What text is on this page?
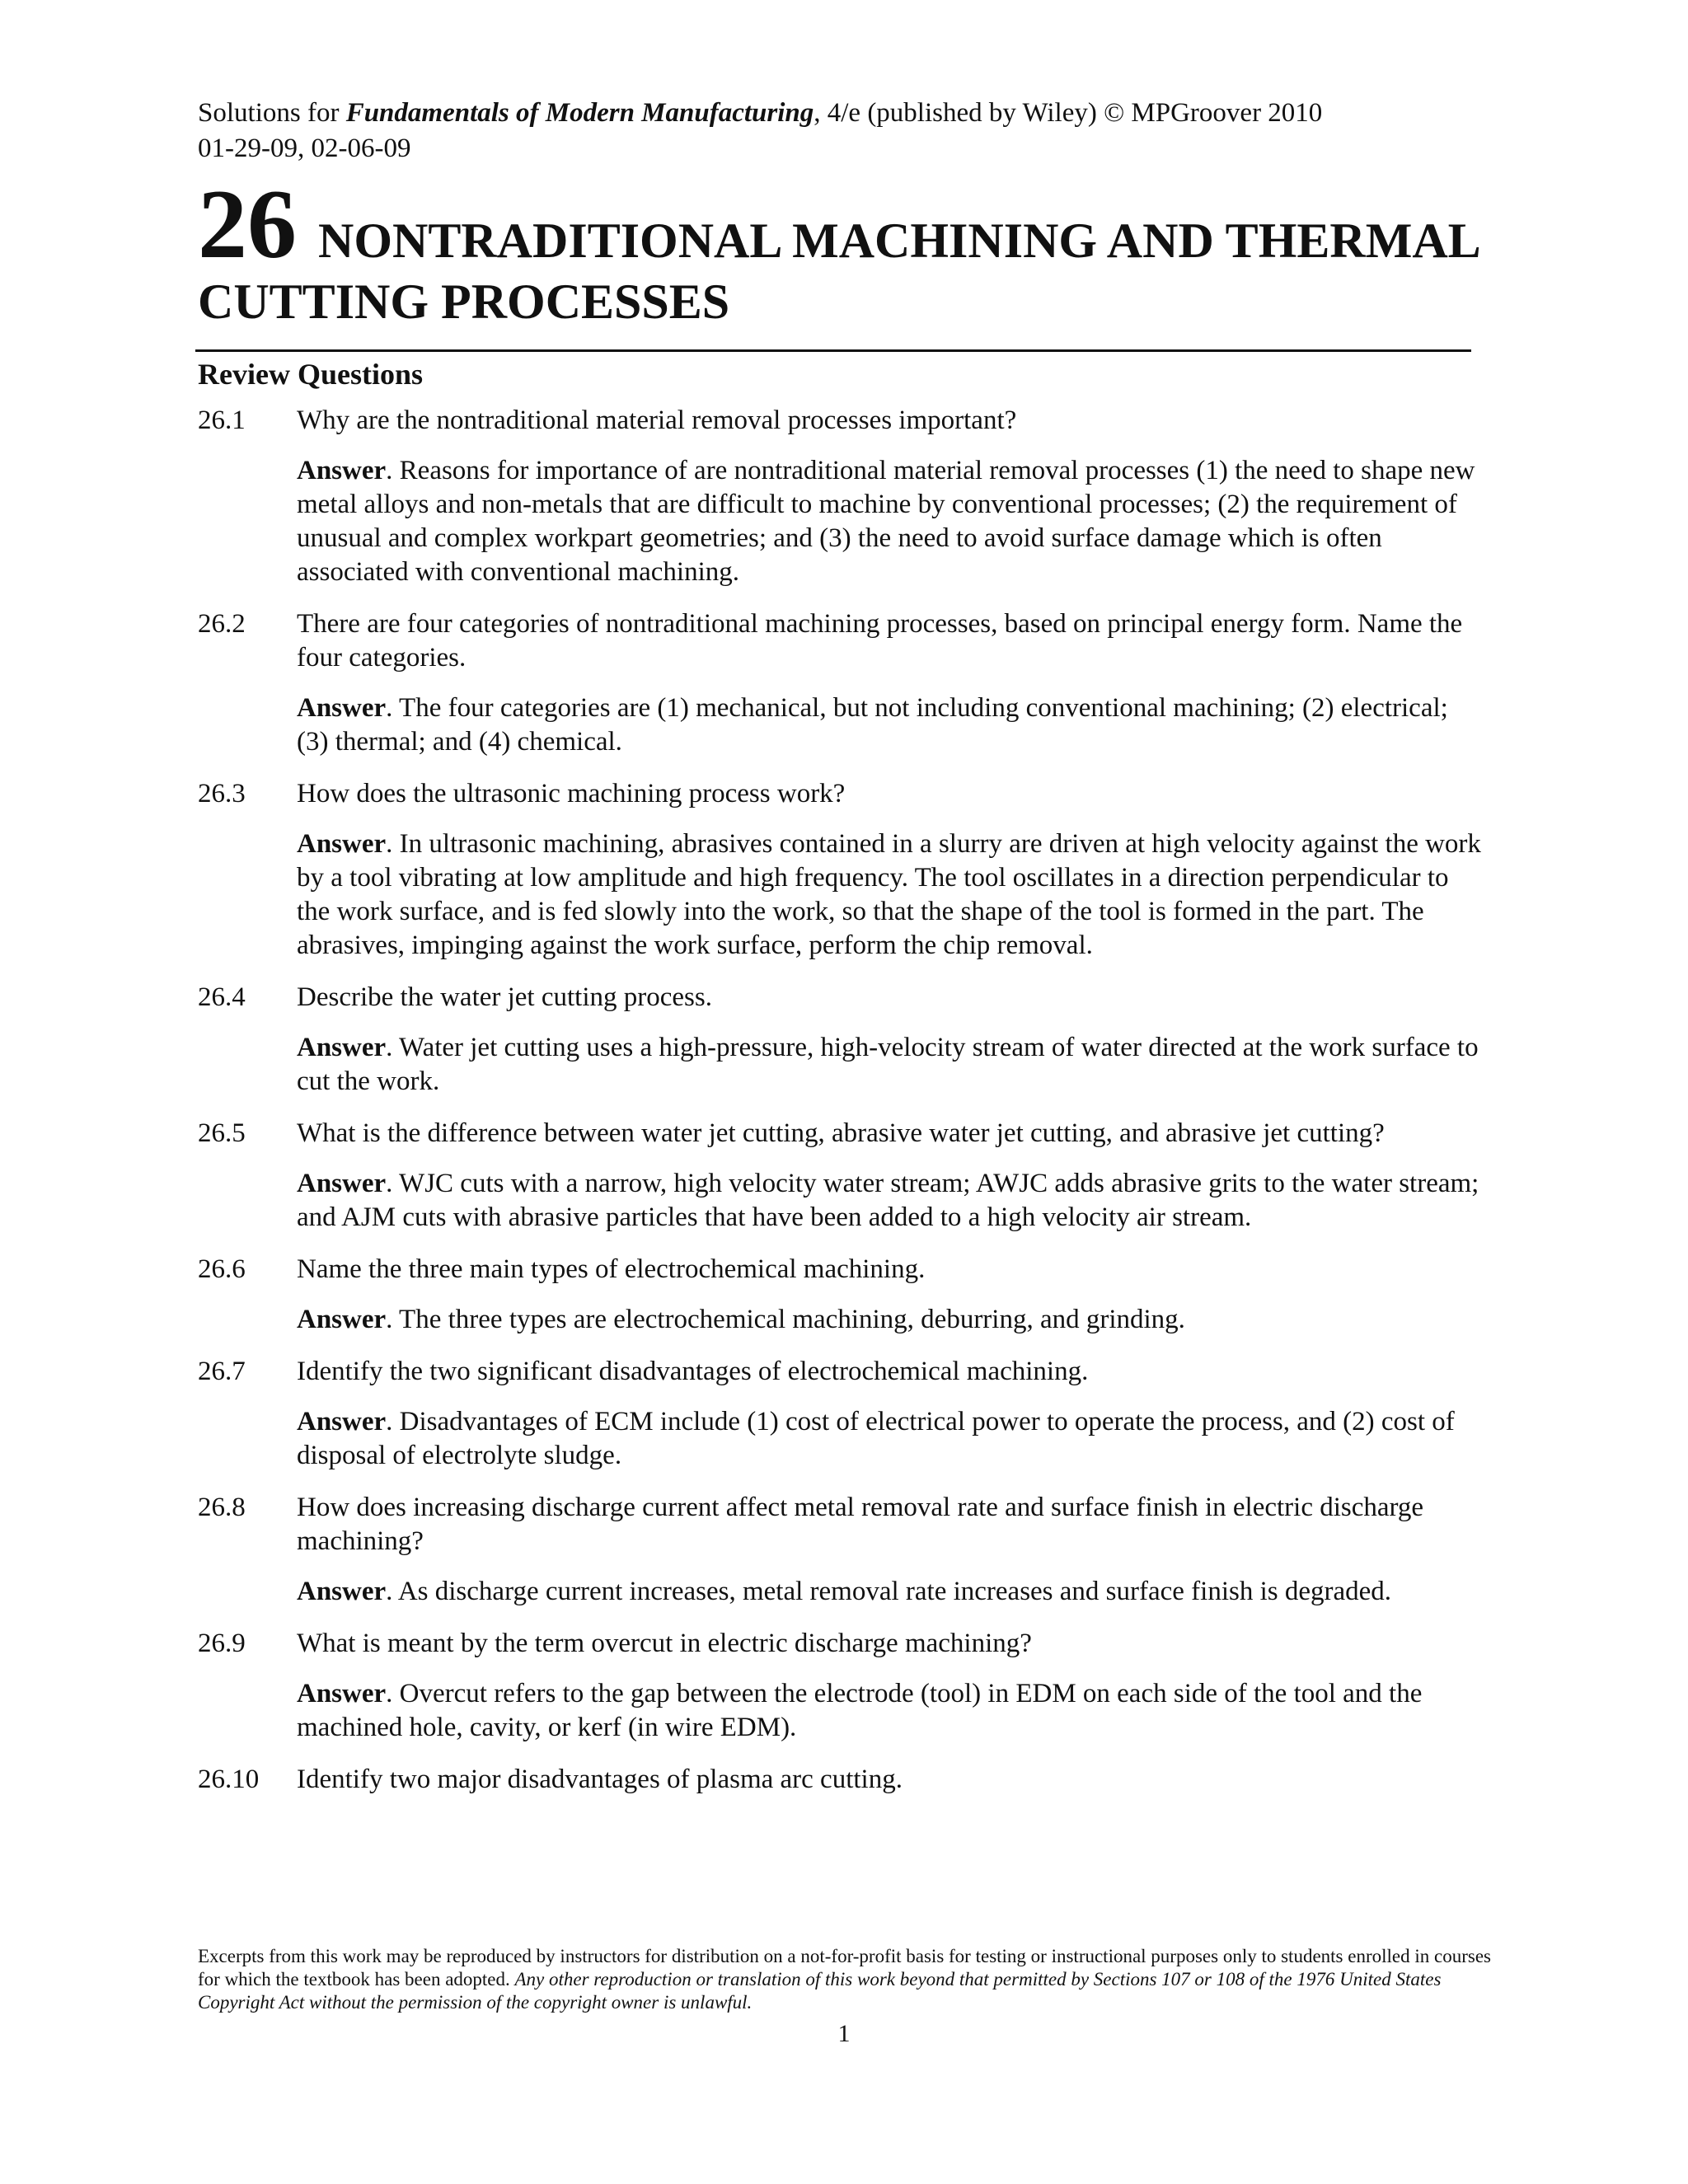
Solutions for Fundamentals of Modern Manufacturing, 4/e (published by Wiley) © MPGroover 2010
01-29-09, 02-06-09
26 NONTRADITIONAL MACHINING AND THERMAL CUTTING PROCESSES
Review Questions
26.1	Why are the nontraditional material removal processes important?
Answer. Reasons for importance of are nontraditional material removal processes (1) the need to shape new metal alloys and non-metals that are difficult to machine by conventional processes; (2) the requirement of unusual and complex workpart geometries; and (3) the need to avoid surface damage which is often associated with conventional machining.
26.2	There are four categories of nontraditional machining processes, based on principal energy form. Name the four categories.
Answer. The four categories are (1) mechanical, but not including conventional machining; (2) electrical; (3) thermal; and (4) chemical.
26.3	How does the ultrasonic machining process work?
Answer. In ultrasonic machining, abrasives contained in a slurry are driven at high velocity against the work by a tool vibrating at low amplitude and high frequency. The tool oscillates in a direction perpendicular to the work surface, and is fed slowly into the work, so that the shape of the tool is formed in the part. The abrasives, impinging against the work surface, perform the chip removal.
26.4	Describe the water jet cutting process.
Answer. Water jet cutting uses a high-pressure, high-velocity stream of water directed at the work surface to cut the work.
26.5	What is the difference between water jet cutting, abrasive water jet cutting, and abrasive jet cutting?
Answer. WJC cuts with a narrow, high velocity water stream; AWJC adds abrasive grits to the water stream; and AJM cuts with abrasive particles that have been added to a high velocity air stream.
26.6	Name the three main types of electrochemical machining.
Answer. The three types are electrochemical machining, deburring, and grinding.
26.7	Identify the two significant disadvantages of electrochemical machining.
Answer. Disadvantages of ECM include (1) cost of electrical power to operate the process, and (2) cost of disposal of electrolyte sludge.
26.8	How does increasing discharge current affect metal removal rate and surface finish in electric discharge machining?
Answer. As discharge current increases, metal removal rate increases and surface finish is degraded.
26.9	What is meant by the term overcut in electric discharge machining?
Answer. Overcut refers to the gap between the electrode (tool) in EDM on each side of the tool and the machined hole, cavity, or kerf (in wire EDM).
26.10	Identify two major disadvantages of plasma arc cutting.
Excerpts from this work may be reproduced by instructors for distribution on a not-for-profit basis for testing or instructional purposes only to students enrolled in courses for which the textbook has been adopted. Any other reproduction or translation of this work beyond that permitted by Sections 107 or 108 of the 1976 United States Copyright Act without the permission of the copyright owner is unlawful.
1
